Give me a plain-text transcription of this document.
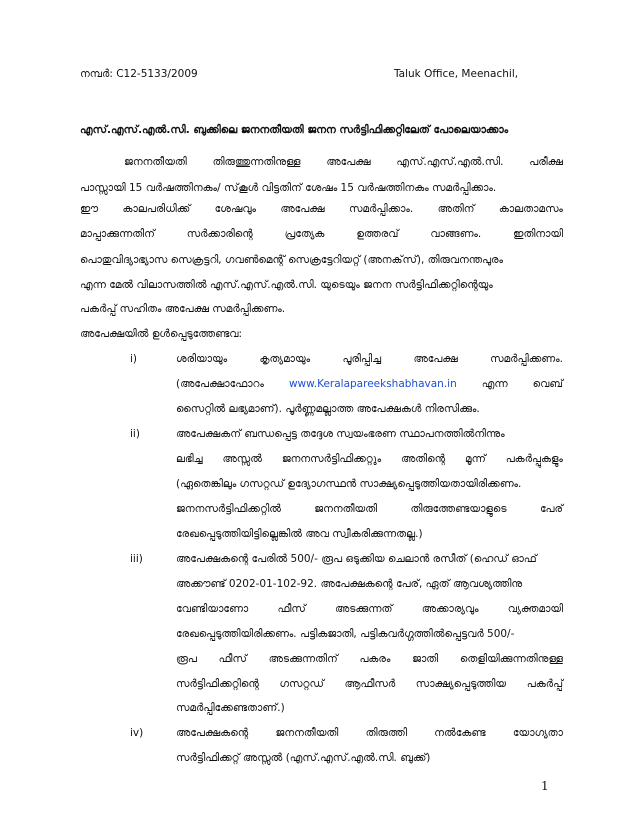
നമ്പർ: C12-5133/2009	Taluk Office, Meenachil,
എസ്.എസ്.എൽ.സി. ബുക്കിലെ ജനനതീയതി ജനന സർട്ടിഫിക്കറ്റിലേത് പോലെയാക്കാം
ജനനതീയതി തിരുത്തുന്നതിനുള്ള അപേക്ഷ എസ്.എസ്.എൽ.സി. പരീക്ഷ
പാസ്സായി 15 വർഷത്തിനകം/ സ്‌കൂൾ വിട്ടതിന് ശേഷം 15 വർഷത്തിനകം സമർപ്പിക്കാം.
ഈ കാലപരിധിക്ക് ശേഷവും അപേക്ഷ സമർപ്പിക്കാം. അതിന് കാലതാമസം
മാപ്പാക്കുന്നതിന്	സർക്കാരിന്റെ	പ്രത്യേക	ഉത്തരവ്	വാങ്ങണം.	ഇതിനായി
പൊതുവിദ്യാഭ്യാസ സെക്രട്ടറി, ഗവൺമെന്റ് സെക്രട്ടേറിയറ്റ് (അനക്‌സ്), തിരുവനന്തപുരം
എന്ന മേൽ വിലാസത്തിൽ എസ്.എസ്.എൽ.സി. യുടെയും ജനന സർട്ടിഫിക്കറ്റിന്റെയും
പകർപ്പ് സഹിതം അപേക്ഷ സമർപ്പിക്കണം.
അപേക്ഷയിൽ ഉൾപ്പെടുത്തേണ്ടവ:
i)	ശരിയായും	കൃത്യമായും	പൂരിപ്പിച്ച	അപേക്ഷ	സമർപ്പിക്കണം.
(അപേക്ഷാഫോറം www.Keralapareekshabhavan.in എന്ന വെബ്
സൈറ്റിൽ ലഭ്യമാണ്). പൂർണ്ണമല്ലാത്ത അപേക്ഷകൾ നിരസിക്കും.
ii)	അപേക്ഷകന് ബന്ധപ്പെട്ട തദ്ദേശ സ്വയംഭരണ സ്ഥാപനത്തിൽനിന്നും
ലഭിച്ച അസ്സൽ ജനനസർട്ടിഫിക്കറ്റും അതിന്റെ മൂന്ന് പകർപ്പുകളും
(ഏതെങ്കിലും ഗസറ്റഡ് ഉദ്യോഗസ്ഥൻ സാക്ഷ്യപ്പെടുത്തിയതായിരിക്കണം.
ജനനസർട്ടിഫിക്കറ്റിൽ	ജനനതീയതി	തിരുത്തേണ്ടയാളുടെ	പേര്
രേഖപ്പെടുത്തിയിട്ടില്ലെങ്കിൽ അവ സ്വീകരിക്കുന്നതല്ല.)
iii)	അപേക്ഷകന്റെ പേരിൽ 500/- രൂപ ഒടുക്കിയ ചെലാൻ രസീത് (ഹെഡ് ഓഫ്
അക്കൗണ്ട് 0202-01-102-92. അപേക്ഷകന്റെ പേര്, ഏത് ആവശ്യത്തിനു
വേണ്ടിയാണോ	ഫീസ്	അടക്കുന്നത്	അക്കാര്യവും	വ്യക്തമായി
രേഖപ്പെടുത്തിയിരിക്കണം. പട്ടികജാതി, പട്ടികവർഗ്ഗത്തിൽപ്പെട്ടവർ 500/-
രൂപ ഫീസ് അടക്കുന്നതിന് പകരം ജാതി തെളിയിക്കുന്നതിനുള്ള
സർട്ടിഫിക്കറ്റിന്റെ ഗസറ്റഡ് ആഫീസർ സാക്ഷ്യപ്പെടുത്തിയ പകർപ്പ്
സമർപ്പിക്കേണ്ടതാണ്.)
iv)	അപേക്ഷകന്റെ	ജനനതീയതി	തിരുത്തി	നൽകേണ്ട	യോഗ്യതാ
സർട്ടിഫിക്കറ്റ് അസ്സൽ (എസ്.എസ്.എൽ.സി. ബുക്ക്)
1
